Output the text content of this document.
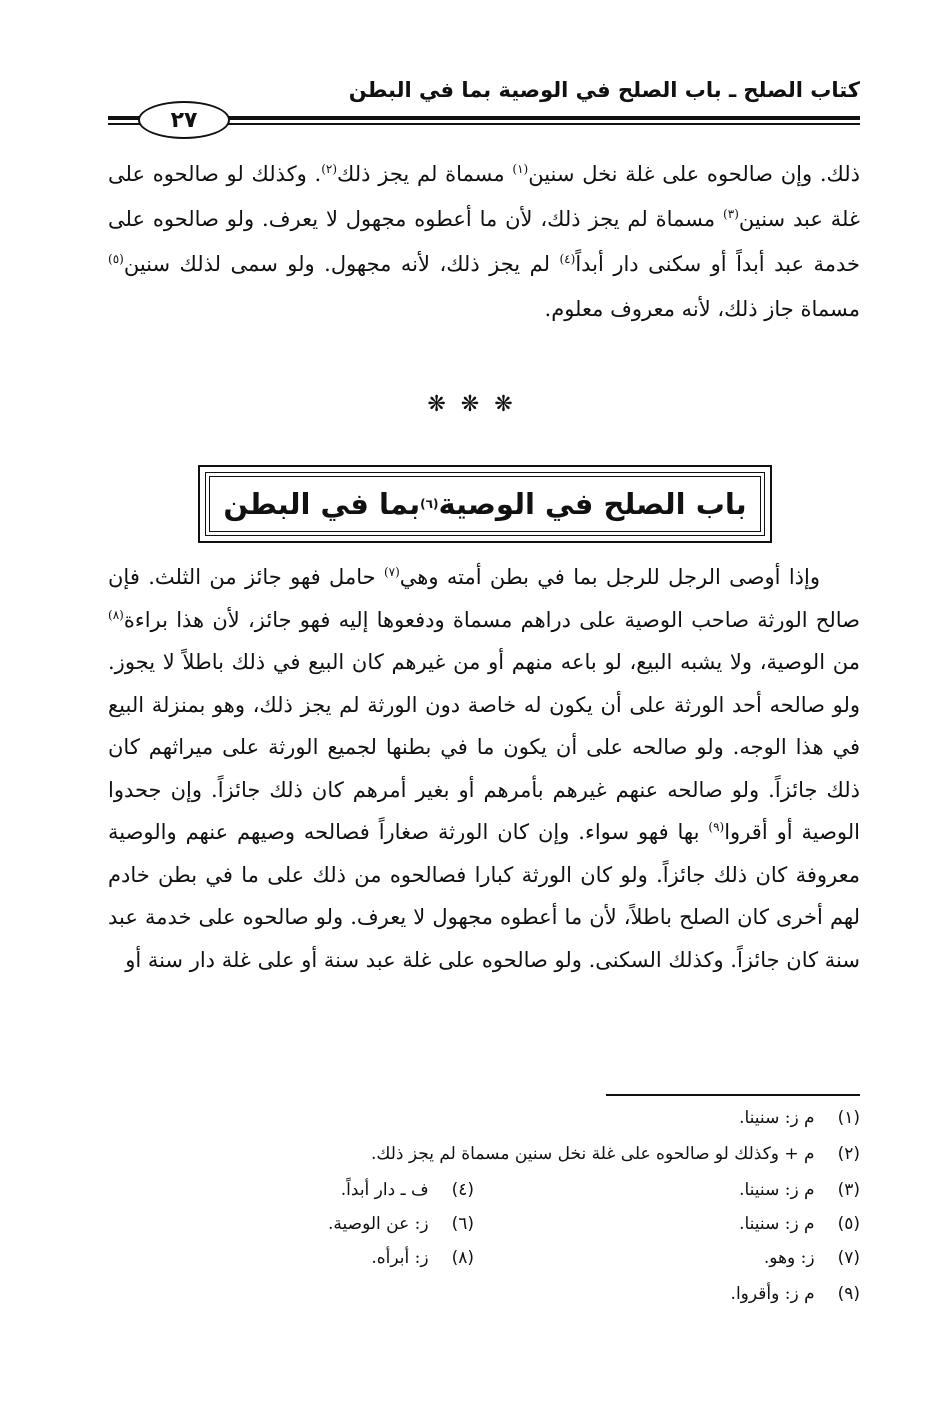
كتاب الصلح ـ باب الصلح في الوصية بما في البطن
٢٧

ذلك. وإن صالحوه على غلة نخل سنين$^{(١)}$ مسماة لم يجز ذلك$^{(٢)}$. وكذلك لو صالحوه على غلة عبد سنين$^{(٣)}$ مسماة لم يجز ذلك، لأن ما أعطوه مجهول لا يعرف. ولو صالحوه على خدمة عبد أبداً أو سكنى دار أبداً$^{(٤)}$ لم يجز ذلك، لأنه مجهول. ولو سمى لذلك سنين$^{(٥)}$ مسماة جاز ذلك، لأنه معروف معلوم.

❋ ❋ ❋
باب الصلح في الوصية
(٦)
بما في البطن

وإذا أوصى الرجل للرجل بما في بطن أمته وهي$^{(٧)}$ حامل فهو جائز من الثلث. فإن صالح الورثة صاحب الوصية على دراهم مسماة ودفعوها إليه فهو جائز، لأن هذا براءة$^{(٨)}$ من الوصية، ولا يشبه البيع، لو باعه منهم أو من غيرهم كان البيع في ذلك باطلاً لا يجوز. ولو صالحه أحد الورثة على أن يكون له خاصة دون الورثة لم يجز ذلك، وهو بمنزلة البيع في هذا الوجه. ولو صالحه على أن يكون ما في بطنها لجميع الورثة على ميراثهم كان ذلك جائزاً. ولو صالحه عنهم غيرهم بأمرهم أو بغير أمرهم كان ذلك جائزاً. وإن جحدوا الوصية أو أقروا$^{(٩)}$ بها فهو سواء. وإن كان الورثة صغاراً فصالحه وصيهم عنهم والوصية معروفة كان ذلك جائزاً. ولو كان الورثة كبارا فصالحوه من ذلك على ما في بطن خادم لهم أخرى كان الصلح باطلاً، لأن ما أعطوه مجهول لا يعرف. ولو صالحوه على خدمة عبد سنة كان جائزاً. وكذلك السكنى. ولو صالحوه على غلة عبد سنة أو على غلة دار سنة أو

(١) م ز: سنينا.
(٢) م + وكذلك لو صالحوه على غلة نخل سنين مسماة لم يجز ذلك.
(٣) م ز: سنينا.
(٤) ف ـ دار أبداً.
(٥) م ز: سنينا.
(٦) ز: عن الوصية.
(٧) ز: وهو.
(٨) ز: أبرأه.
(٩) م ز: وأقروا.
